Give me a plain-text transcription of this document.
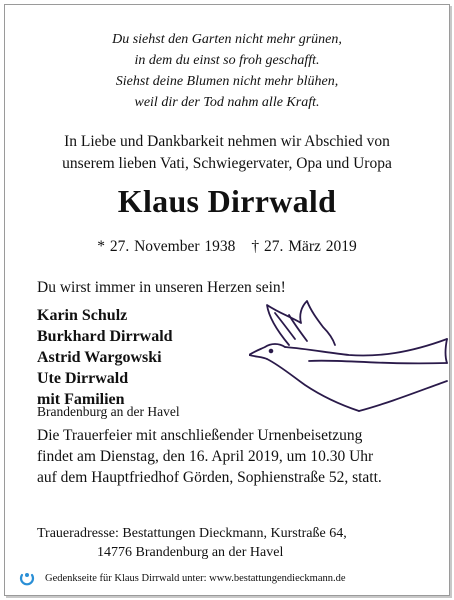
Du siehst den Garten nicht mehr grünen,
in dem du einst so froh geschafft.
Siehst deine Blumen nicht mehr blühen,
weil dir der Tod nahm alle Kraft.
In Liebe und Dankbarkeit nehmen wir Abschied von
unserem lieben Vati, Schwiegervater, Opa und Uropa
Klaus Dirrwald
* 27. November 1938 † 27. März 2019
Du wirst immer in unseren Herzen sein!
Karin Schulz
Burkhard Dirrwald
Astrid Wargowski
Ute Dirrwald
mit Familien
Brandenburg an der Havel
Die Trauerfeier mit anschließender Urnenbeisetzung
findet am Dienstag, den 16. April 2019, um 10.30 Uhr
auf dem Hauptfriedhof Görden, Sophienstraße 52, statt.
Traueradresse: Bestattungen Dieckmann, Kurstraße 64,
14776 Brandenburg an der Havel
Gedenkseite für Klaus Dirrwald unter: www.bestattungendieckmann.de
